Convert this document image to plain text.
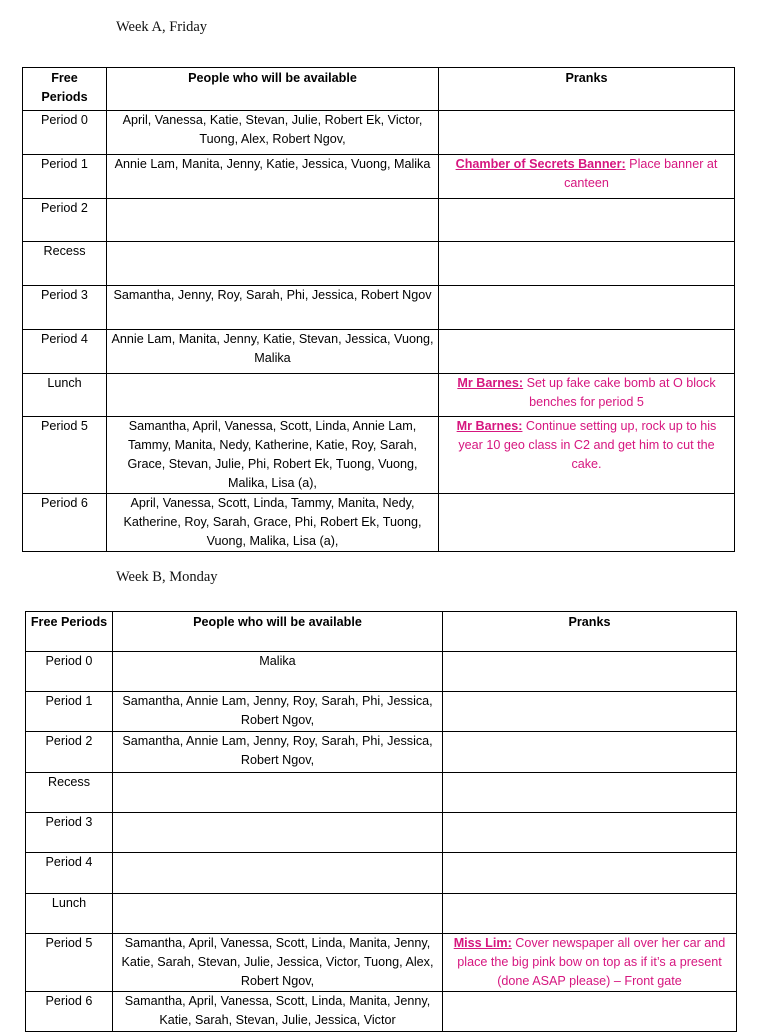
Week A, Friday
Free Periods	People who will be available	Pranks
Period 0	April, Vanessa, Katie, Stevan, Julie, Robert Ek, Victor, Tuong, Alex, Robert Ngov,	
Period 1	Annie Lam, Manita, Jenny, Katie, Jessica, Vuong, Malika	Chamber of Secrets Banner: Place banner at canteen
Period 2		
Recess		
Period 3	Samantha, Jenny, Roy, Sarah, Phi, Jessica, Robert Ngov	
Period 4	Annie Lam, Manita, Jenny, Katie, Stevan, Jessica, Vuong, Malika	
Lunch		Mr Barnes: Set up fake cake bomb at O block benches for period 5
Period 5	Samantha, April, Vanessa, Scott, Linda, Annie Lam, Tammy, Manita, Nedy, Katherine, Katie, Roy, Sarah, Grace, Stevan, Julie, Phi, Robert Ek, Tuong, Vuong, Malika, Lisa (a),	Mr Barnes: Continue setting up, rock up to his year 10 geo class in C2 and get him to cut the cake.
Period 6	April, Vanessa, Scott, Linda, Tammy, Manita, Nedy, Katherine, Roy, Sarah, Grace, Phi, Robert Ek, Tuong, Vuong, Malika, Lisa (a),	
Week B, Monday
Free Periods	People who will be available	Pranks
Period 0	Malika	
Period 1	Samantha, Annie Lam, Jenny, Roy, Sarah, Phi, Jessica, Robert Ngov,	
Period 2	Samantha, Annie Lam, Jenny, Roy, Sarah, Phi, Jessica, Robert Ngov,	
Recess		
Period 3		
Period 4		
Lunch		
Period 5	Samantha, April, Vanessa, Scott, Linda, Manita, Jenny, Katie, Sarah, Stevan, Julie, Jessica, Victor, Tuong, Alex, Robert Ngov,	Miss Lim: Cover newspaper all over her car and place the big pink bow on top as if it’s a present (done ASAP please) – Front gate
Period 6	Samantha, April, Vanessa, Scott, Linda, Manita, Jenny, Katie, Sarah, Stevan, Julie, Jessica, Victor	
